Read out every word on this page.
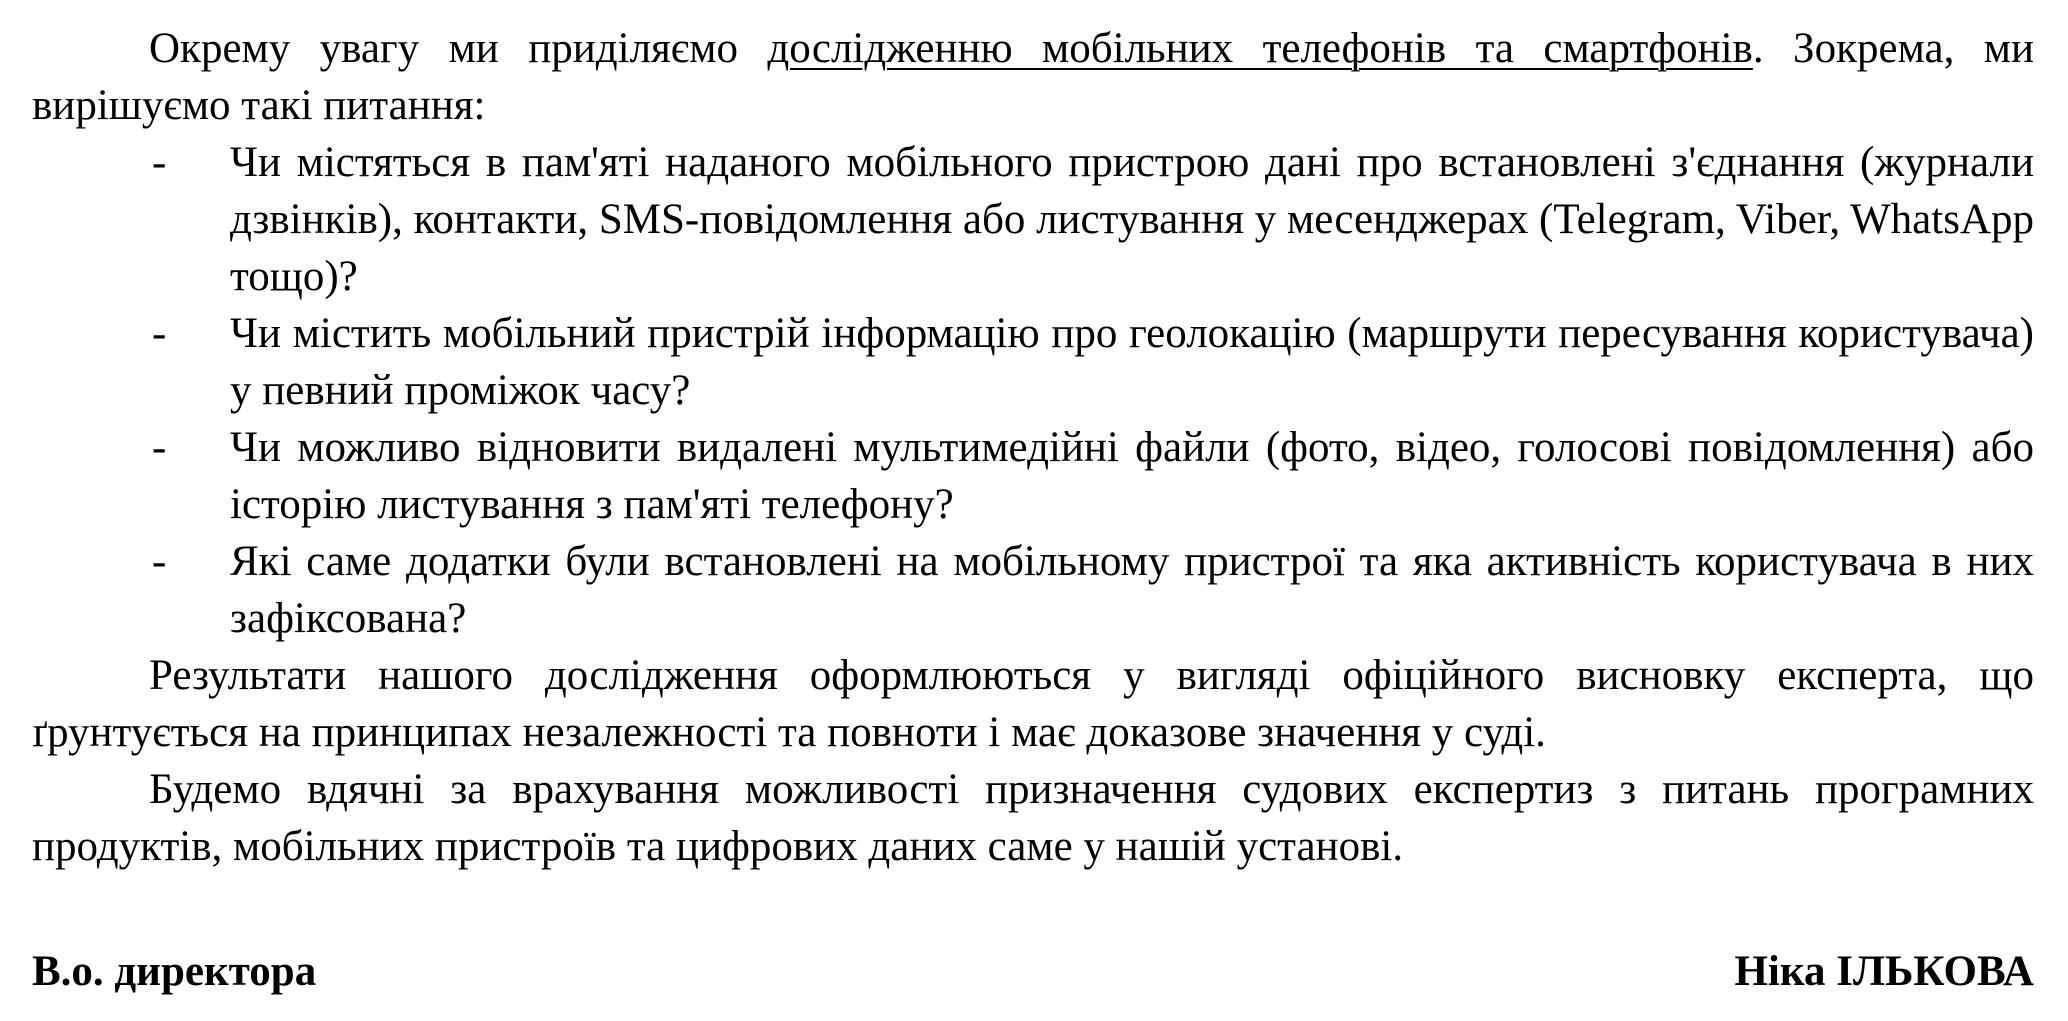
Окрему увагу ми приділяємо дослідженню мобільних телефонів та смартфонів. Зокрема, ми вирішуємо такі питання:

- Чи містяться в пам'яті наданого мобільного пристрою дані про встановлені з'єднання (журнали дзвінків), контакти, SMS-повідомлення або листування у месенджерах (Telegram, Viber, WhatsApp тощо)?
- Чи містить мобільний пристрій інформацію про геолокацію (маршрути пересування користувача) у певний проміжок часу?
- Чи можливо відновити видалені мультимедійні файли (фото, відео, голосові повідомлення) або історію листування з пам'яті телефону?
- Які саме додатки були встановлені на мобільному пристрої та яка активність користувача в них зафіксована?

Результати нашого дослідження оформлюються у вигляді офіційного висновку експерта, що ґрунтується на принципах незалежності та повноти і має доказове значення у суді.

Будемо вдячні за врахування можливості призначення судових експертиз з питань програмних продуктів, мобільних пристроїв та цифрових даних саме у нашій установі.

В.о. директора	Ніка ІЛЬКОВА
